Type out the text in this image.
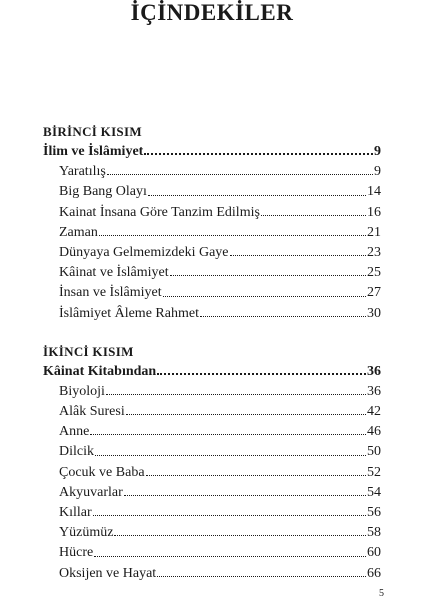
İÇİNDEKİLER
BİRİNCİ KISIM
İlim ve İslâmiyet	9
Yaratılış	9
Big Bang Olayı	14
Kainat İnsana Göre Tanzim Edilmiş	16
Zaman	21
Dünyaya Gelmemizdeki Gaye	23
Kâinat ve İslâmiyet	25
İnsan ve İslâmiyet	27
İslâmiyet Âleme Rahmet	30
İKİNCİ KISIM
Kâinat Kitabından	36
Biyoloji	36
Alâk Suresi	42
Anne	46
Dilcik	50
Çocuk ve Baba	52
Akyuvarlar	54
Kıllar	56
Yüzümüz	58
Hücre	60
Oksijen ve Hayat	66
5
